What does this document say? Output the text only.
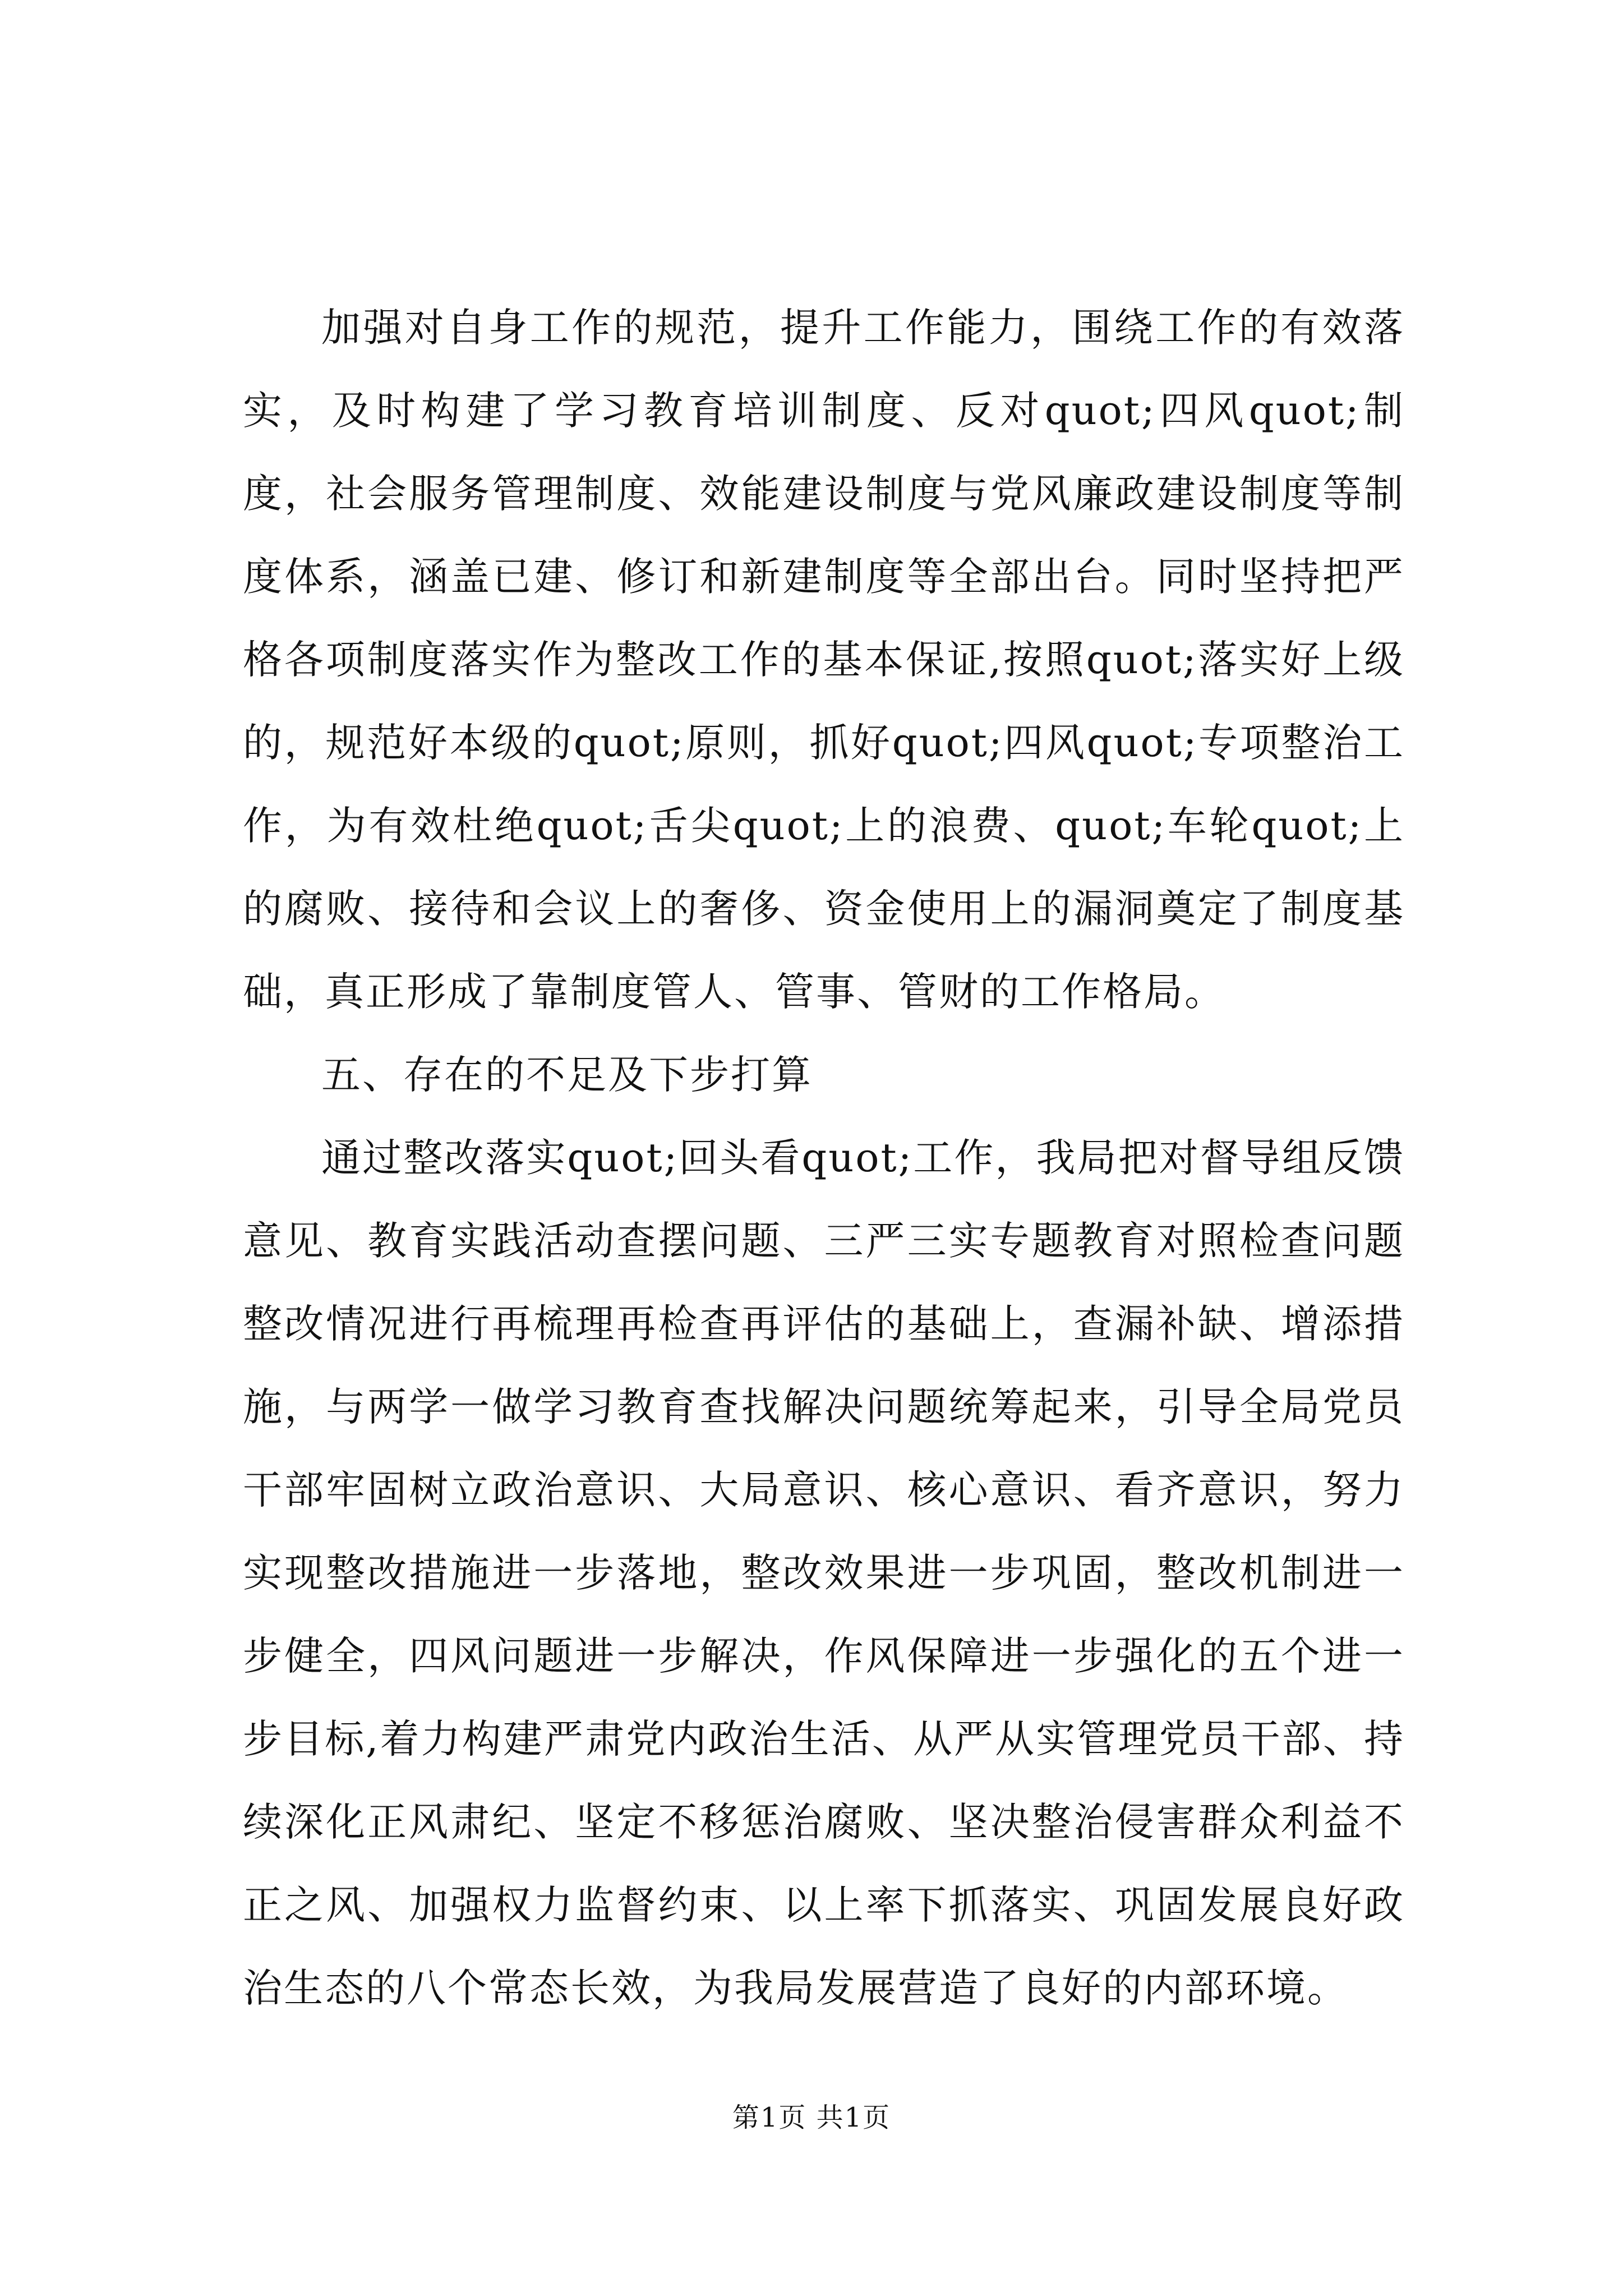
加强对自身工作的规范，提升工作能力，围绕工作的有效落实，及时构建了学习教育培训制度、反对quot;四风quot;制度，社会服务管理制度、效能建设制度与党风廉政建设制度等制度体系，涵盖已建、修订和新建制度等全部出台。同时坚持把严格各项制度落实作为整改工作的基本保证,按照quot;落实好上级的，规范好本级的quot;原则，抓好quot;四风quot;专项整治工作，为有效杜绝quot;舌尖quot;上的浪费、quot;车轮quot;上的腐败、接待和会议上的奢侈、资金使用上的漏洞奠定了制度基础，真正形成了靠制度管人、管事、管财的工作格局。

五、存在的不足及下步打算

通过整改落实quot;回头看quot;工作，我局把对督导组反馈意见、教育实践活动查摆问题、三严三实专题教育对照检查问题整改情况进行再梳理再检查再评估的基础上，查漏补缺、增添措施，与两学一做学习教育查找解决问题统筹起来，引导全局党员干部牢固树立政治意识、大局意识、核心意识、看齐意识，努力实现整改措施进一步落地，整改效果进一步巩固，整改机制进一步健全，四风问题进一步解决，作风保障进一步强化的五个进一步目标,着力构建严肃党内政治生活、从严从实管理党员干部、持续深化正风肃纪、坚定不移惩治腐败、坚决整治侵害群众利益不正之风、加强权力监督约束、以上率下抓落实、巩固发展良好政治生态的八个常态长效，为我局发展营造了良好的内部环境。

第1页 共1页
